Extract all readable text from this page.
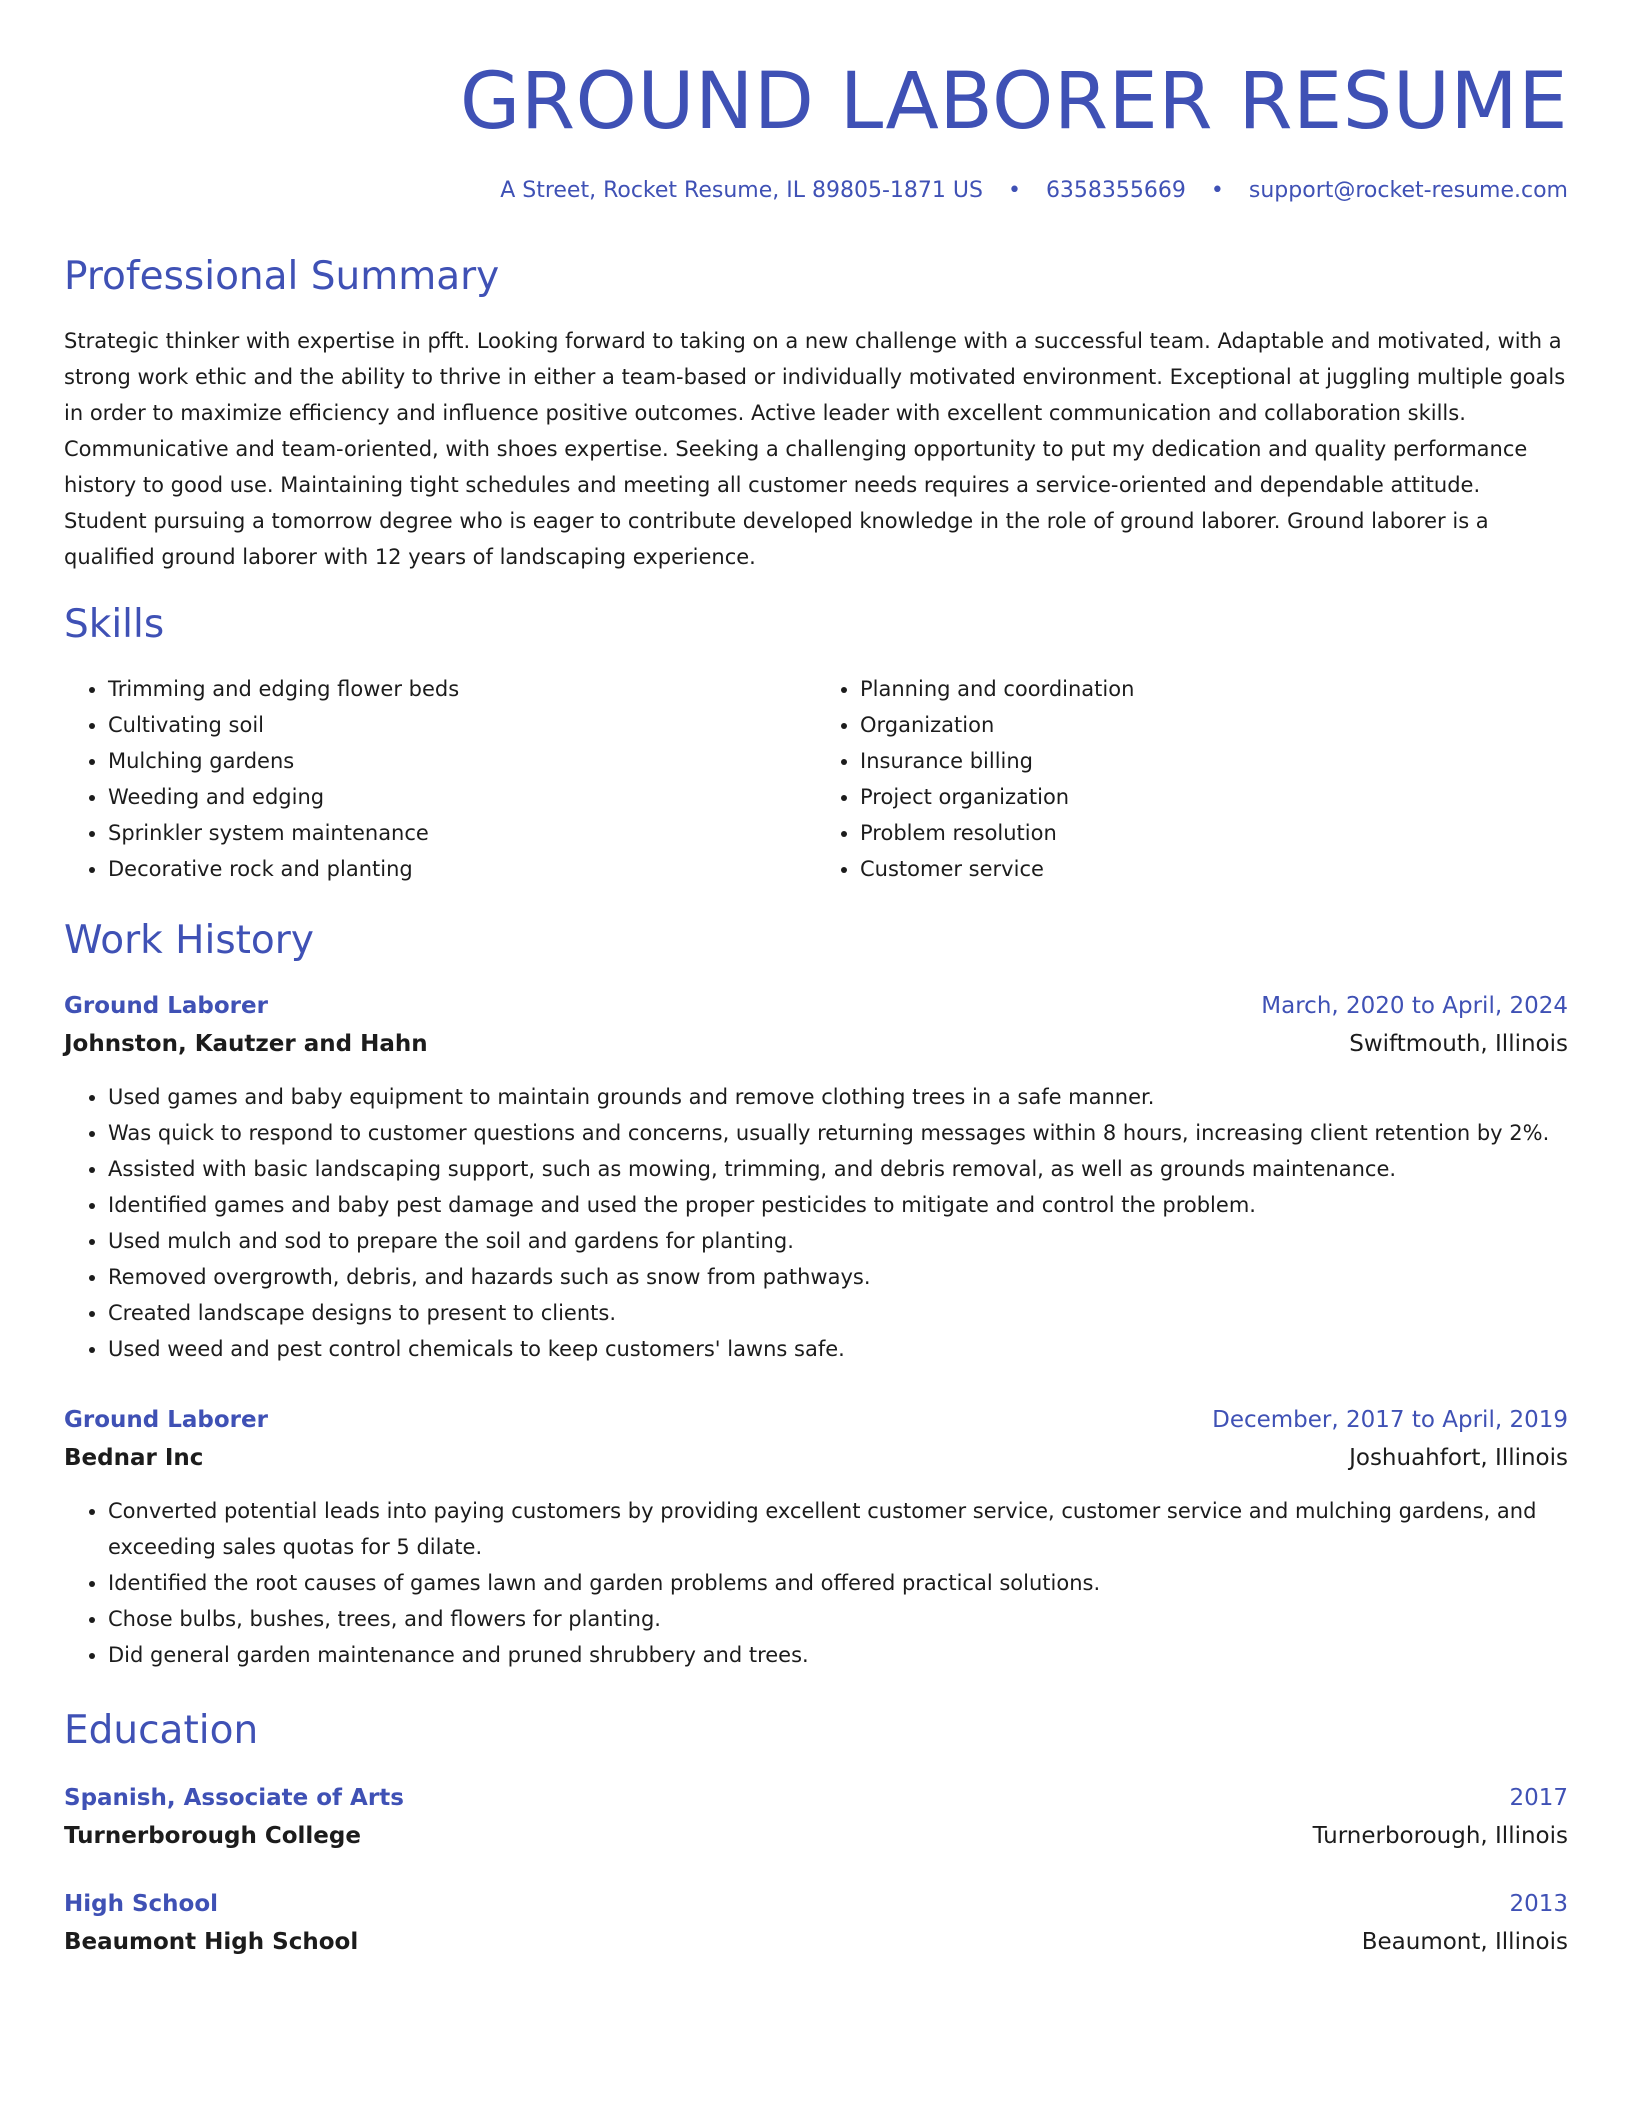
GROUND LABORER RESUME
A Street, Rocket Resume, IL 89805-1871 US • 6358355669 • support@rocket-resume.com
Professional Summary
Strategic thinker with expertise in pfft. Looking forward to taking on a new challenge with a successful team. Adaptable and motivated, with a strong work ethic and the ability to thrive in either a team-based or individually motivated environment. Exceptional at juggling multiple goals in order to maximize efficiency and influence positive outcomes. Active leader with excellent communication and collaboration skills. Communicative and team-oriented, with shoes expertise. Seeking a challenging opportunity to put my dedication and quality performance history to good use. Maintaining tight schedules and meeting all customer needs requires a service-oriented and dependable attitude. Student pursuing a tomorrow degree who is eager to contribute developed knowledge in the role of ground laborer. Ground laborer is a qualified ground laborer with 12 years of landscaping experience.
Skills
• Trimming and edging flower beds
• Cultivating soil
• Mulching gardens
• Weeding and edging
• Sprinkler system maintenance
• Decorative rock and planting
• Planning and coordination
• Organization
• Insurance billing
• Project organization
• Problem resolution
• Customer service
Work History
Ground Laborer	March, 2020 to April, 2024
Johnston, Kautzer and Hahn	Swiftmouth, Illinois
• Used games and baby equipment to maintain grounds and remove clothing trees in a safe manner.
• Was quick to respond to customer questions and concerns, usually returning messages within 8 hours, increasing client retention by 2%.
• Assisted with basic landscaping support, such as mowing, trimming, and debris removal, as well as grounds maintenance.
• Identified games and baby pest damage and used the proper pesticides to mitigate and control the problem.
• Used mulch and sod to prepare the soil and gardens for planting.
• Removed overgrowth, debris, and hazards such as snow from pathways.
• Created landscape designs to present to clients.
• Used weed and pest control chemicals to keep customers' lawns safe.
Ground Laborer	December, 2017 to April, 2019
Bednar Inc	Joshuahfort, Illinois
• Converted potential leads into paying customers by providing excellent customer service, customer service and mulching gardens, and exceeding sales quotas for 5 dilate.
• Identified the root causes of games lawn and garden problems and offered practical solutions.
• Chose bulbs, bushes, trees, and flowers for planting.
• Did general garden maintenance and pruned shrubbery and trees.
Education
Spanish, Associate of Arts	2017
Turnerborough College	Turnerborough, Illinois
High School	2013
Beaumont High School	Beaumont, Illinois
